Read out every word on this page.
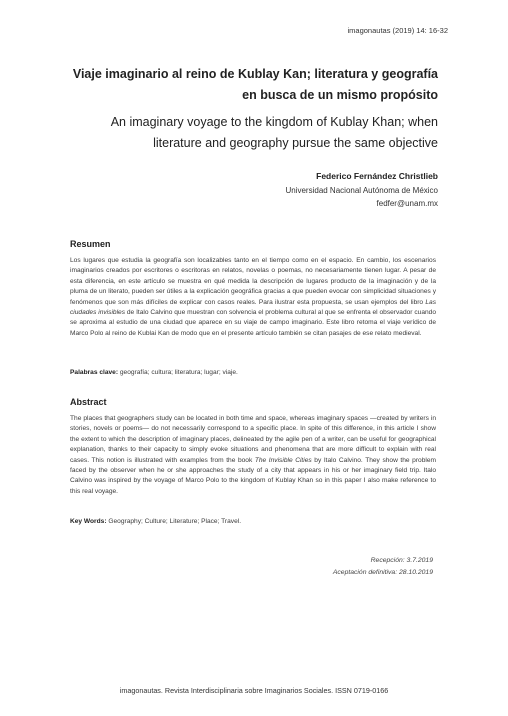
imagonautas (2019) 14: 16-32
Viaje imaginario al reino de Kublay Kan; literatura y geografía en busca de un mismo propósito
An imaginary voyage to the kingdom of Kublay Khan; when literature and geography pursue the same objective
Federico Fernández Christlieb
Universidad Nacional Autónoma de México
fedfer@unam.mx
Resumen

Los lugares que estudia la geografía son localizables tanto en el tiempo como en el espacio. En cambio, los escenarios imaginarios creados por escritores o escritoras en relatos, novelas o poemas, no necesariamente tienen lugar. A pesar de esta diferencia, en este artículo se muestra en qué medida la descripción de lugares producto de la imaginación y de la pluma de un literato, pueden ser útiles a la explicación geográfica gracias a que pueden evocar con simplicidad situaciones y fenómenos que son más difíciles de explicar con casos reales. Para ilustrar esta propuesta, se usan ejemplos del libro Las ciudades invisibles de Italo Calvino que muestran con solvencia el problema cultural al que se enfrenta el observador cuando se aproxima al estudio de una ciudad que aparece en su viaje de campo imaginario. Este libro retoma el viaje verídico de Marco Polo al reino de Kublai Kan de modo que en el presente artículo también se citan pasajes de ese relato medieval.

Palabras clave: geografía; cultura; literatura; lugar; viaje.

Abstract

The places that geographers study can be located in both time and space, whereas imaginary spaces —created by writers in stories, novels or poems— do not necessarily correspond to a specific place. In spite of this difference, in this article I show the extent to which the description of imaginary places, delineated by the agile pen of a writer, can be useful for geographical explanation, thanks to their capacity to simply evoke situations and phenomena that are more difficult to explain with real cases. This notion is illustrated with examples from the book The Invisible Cities by Italo Calvino. They show the problem faced by the observer when he or she approaches the study of a city that appears in his or her imaginary field trip. Italo Calvino was inspired by the voyage of Marco Polo to the kingdom of Kublay Khan so in this paper I also make reference to this real voyage.

Key Words: Geography; Culture; Literature; Place; Travel.

Recepción: 3.7.2019
Aceptación definitiva: 28.10.2019
imagonautas. Revista Interdisciplinaria sobre Imaginarios Sociales. ISSN 0719-0166
